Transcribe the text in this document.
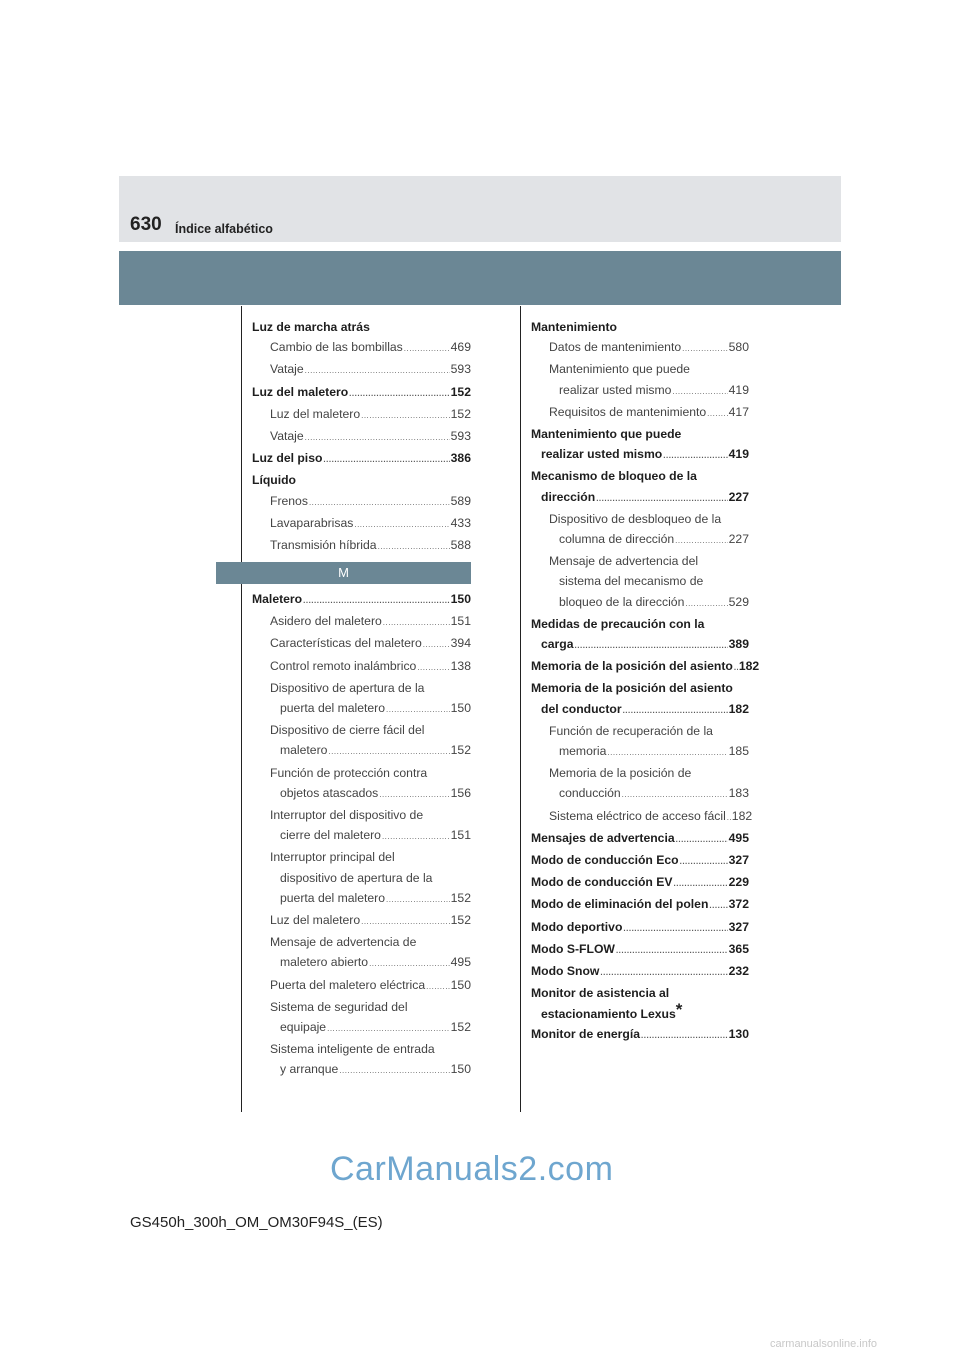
630 Índice alfabético
Luz de marcha atrás
Cambio de las bombillas .....	469
Vataje .....	593
Luz del maletero .....	152
Luz del maletero .....	152
Vataje .....	593
Luz del piso .....	386
Líquido
Frenos .....	589
Lavaparabrisas .....	433
Transmisión híbrida .....	588
M
Maletero .....	150
Asidero del maletero .....	151
Características del maletero ..... 394
Control remoto inalámbrico .....	138
Dispositivo de apertura de la
puerta del maletero .....	150
Dispositivo de cierre fácil del
maletero .....	152
Función de protección contra
objetos atascados .....	156
Interruptor del dispositivo de
cierre del maletero .....	151
Interruptor principal del
dispositivo de apertura de la
puerta del maletero .....	152
Luz del maletero .....	152
Mensaje de advertencia de
maletero abierto .....	495
Puerta del maletero eléctrica ..... 150
Sistema de seguridad del
equipaje .....	152
Sistema inteligente de entrada
y arranque .....	150
Mantenimiento
Datos de mantenimiento .....	580
Mantenimiento que puede
realizar usted mismo .....	419
Requisitos de mantenimiento ..... 417
Mantenimiento que puede
realizar usted mismo .....	419
Mecanismo de bloqueo de la
dirección .....	227
Dispositivo de desbloqueo de la
columna de dirección .....	227
Mensaje de advertencia del
sistema del mecanismo de
bloqueo de la dirección .....	529
Medidas de precaución con la
carga .....	389
Memoria de la posición del asiento ..... 182
Memoria de la posición del asiento
del conductor .....	182
Función de recuperación de la
memoria .....	185
Memoria de la posición de
conducción .....	183
Sistema eléctrico de acceso fácil ..... 182
Mensajes de advertencia .....	495
Modo de conducción Eco .....	327
Modo de conducción EV .....	229
Modo de eliminación del polen ..... 372
Modo deportivo .....	327
Modo S-FLOW .....	365
Modo Snow .....	232
Monitor de asistencia al
estacionamiento Lexus*
Monitor de energía .....	130
CarManuals2.com
GS450h_300h_OM_OM30F94S_(ES)
carmanualsonline.info
